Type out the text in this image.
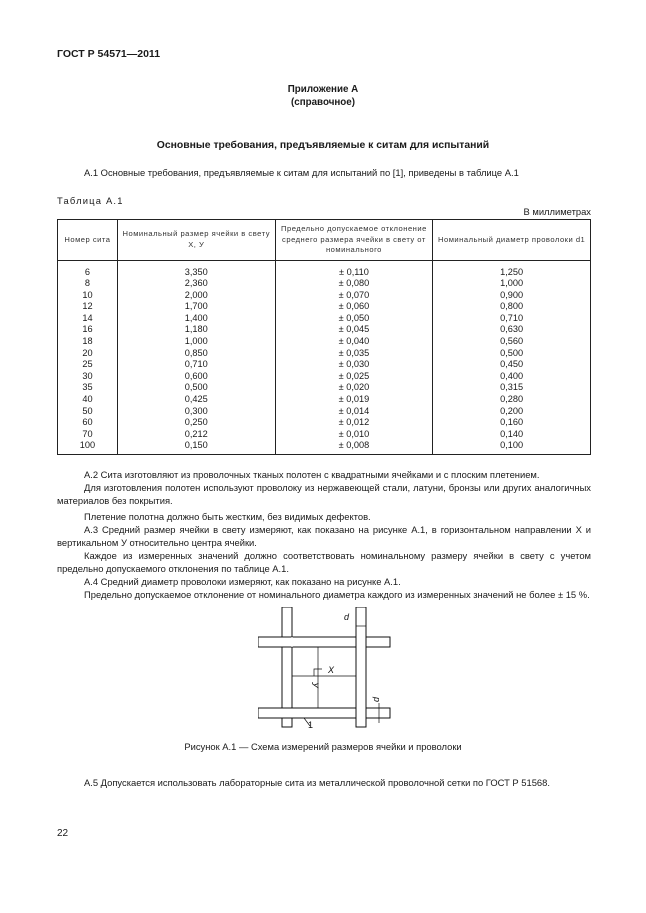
ГОСТ Р 54571—2011
Приложение А
(справочное)
Основные требования, предъявляемые к ситам для испытаний
А.1 Основные требования, предъявляемые к ситам для испытаний по [1], приведены в таблице А.1
Таблица А.1
В миллиметрах
Номер сита	Номинальный размер ячейки в свету X, У	Предельно допускаемое отклонение среднего размера ячейки в свету от номинального	Номинальный диаметр проволоки d1
6	3,350	± 0,110	1,250
8	2,360	± 0,080	1,000
10	2,000	± 0,070	0,900
12	1,700	± 0,060	0,800
14	1,400	± 0,050	0,710
16	1,180	± 0,045	0,630
18	1,000	± 0,040	0,560
20	0,850	± 0,035	0,500
25	0,710	± 0,030	0,450
30	0,600	± 0,025	0,400
35	0,500	± 0,020	0,315
40	0,425	± 0,019	0,280
50	0,300	± 0,014	0,200
60	0,250	± 0,012	0,160
70	0,212	± 0,010	0,140
100	0,150	± 0,008	0,100
А.2 Сита изготовляют из проволочных тканых полотен с квадратными ячейками и с плоским плетением.
Для изготовления полотен используют проволоку из нержавеющей стали, латуни, бронзы или других аналогичных материалов без покрытия.
Плетение полотна должно быть жестким, без видимых дефектов.
А.3 Средний размер ячейки в свету измеряют, как показано на рисунке А.1, в горизонтальном направлении X и вертикальном У относительно центра ячейки.
Каждое из измеренных значений должно соответствовать номинальному размеру ячейки в свету с учетом предельно допускаемого отклонения по таблице А.1.
А.4 Средний диаметр проволоки измеряют, как показано на рисунке А.1.
Предельно допускаемое отклонение от номинального диаметра каждого из измеренных значений не более ± 15 %.
d
X
У
d
1
Рисунок А.1 — Схема измерений размеров ячейки и проволоки
А.5 Допускается использовать лабораторные сита из металлической проволочной сетки по ГОСТ Р 51568.
22
